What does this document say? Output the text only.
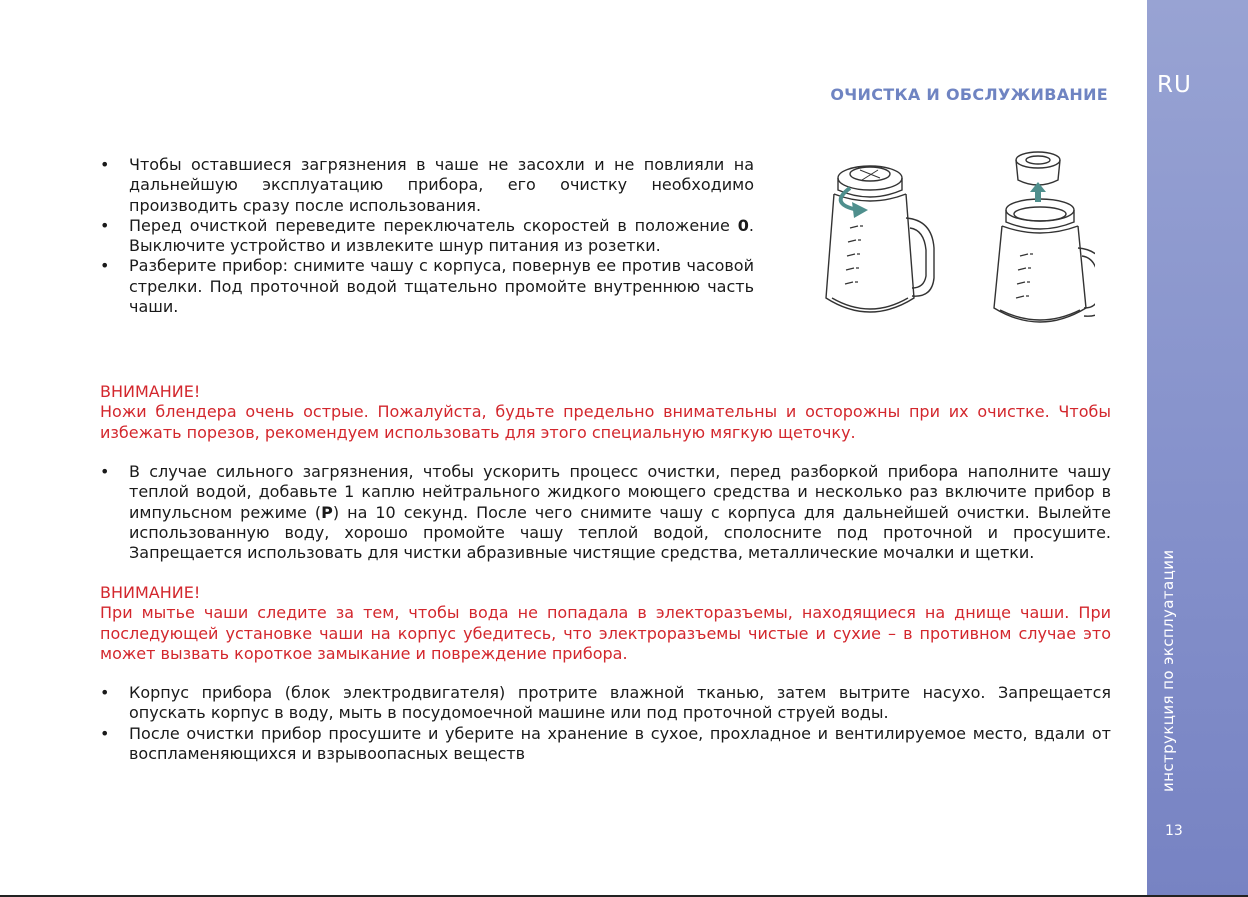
RU
инструкция по эксплуатации
13
ОЧИСТКА И ОБСЛУЖИВАНИЕ
• Чтобы оставшиеся загрязнения в чаше не засохли и не повлияли на дальнейшую эксплуатацию прибора, его очистку необходимо производить сразу после использования.
• Перед очисткой переведите переключатель скоростей в положение 0. Выключите устройство и извлеките шнур питания из розетки.
• Разберите прибор: снимите чашу с корпуса, повернув ее против часовой стрелки. Под проточной водой тщательно промойте внутреннюю часть чаши.

ВНИМАНИЕ!
Ножи блендера очень острые. Пожалуйста, будьте предельно внимательны и осторожны при их очистке. Чтобы избежать порезов, рекомендуем использовать для этого специальную мягкую щеточку.

• В случае сильного загрязнения, чтобы ускорить процесс очистки, перед разборкой прибора наполните чашу теплой водой, добавьте 1 каплю нейтрального жидкого моющего средства и несколько раз включите прибор в импульсном режиме (P) на 10 секунд. После чего снимите чашу с корпуса для дальнейшей очистки. Вылейте использованную воду, хорошо промойте чашу теплой водой, сполосните под проточной и просушите. Запрещается использовать для чистки абразивные чистящие средства, металлические мочалки и щетки.

ВНИМАНИЕ!
При мытье чаши следите за тем, чтобы вода не попадала в электоразъемы, находящиеся на днище чаши. При последующей установке чаши на корпус убедитесь, что электроразъемы чистые и сухие – в противном случае это может вызвать короткое замыкание и повреждение прибора.

• Корпус прибора (блок электродвигателя) протрите влажной тканью, затем вытрите насухо. Запрещается опускать корпус в воду, мыть в посудомоечной машине или под проточной струей воды.
• После очистки прибор просушите и уберите на хранение в сухое, прохладное и вентилируемое место, вдали от воспламеняющихся и взрывоопасных веществ
